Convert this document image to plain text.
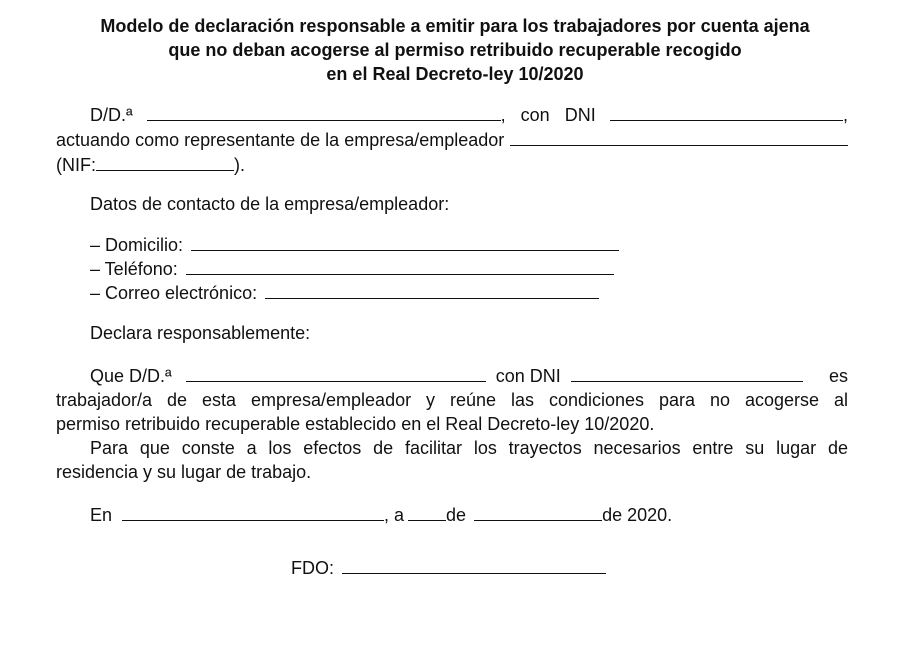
Modelo de declaración responsable a emitir para los trabajadores por cuenta ajena
que no deban acogerse al permiso retribuido recuperable recogido
en el Real Decreto-ley 10/2020
D/D.ª	, con DNI	,
actuando como representante de la empresa/empleador
(NIF:	).
Datos de contacto de la empresa/empleador:
– Domicilio:
– Teléfono:
– Correo electrónico:
Declara responsablemente:
Que D/D.ª	con DNI	es
trabajador/a de esta empresa/empleador y reúne las condiciones para no acogerse al
permiso retribuido recuperable establecido en el Real Decreto-ley 10/2020.
Para que conste a los efectos de facilitar los trayectos necesarios entre su lugar de
residencia y su lugar de trabajo.
En	, a de	de 2020.
FDO:
